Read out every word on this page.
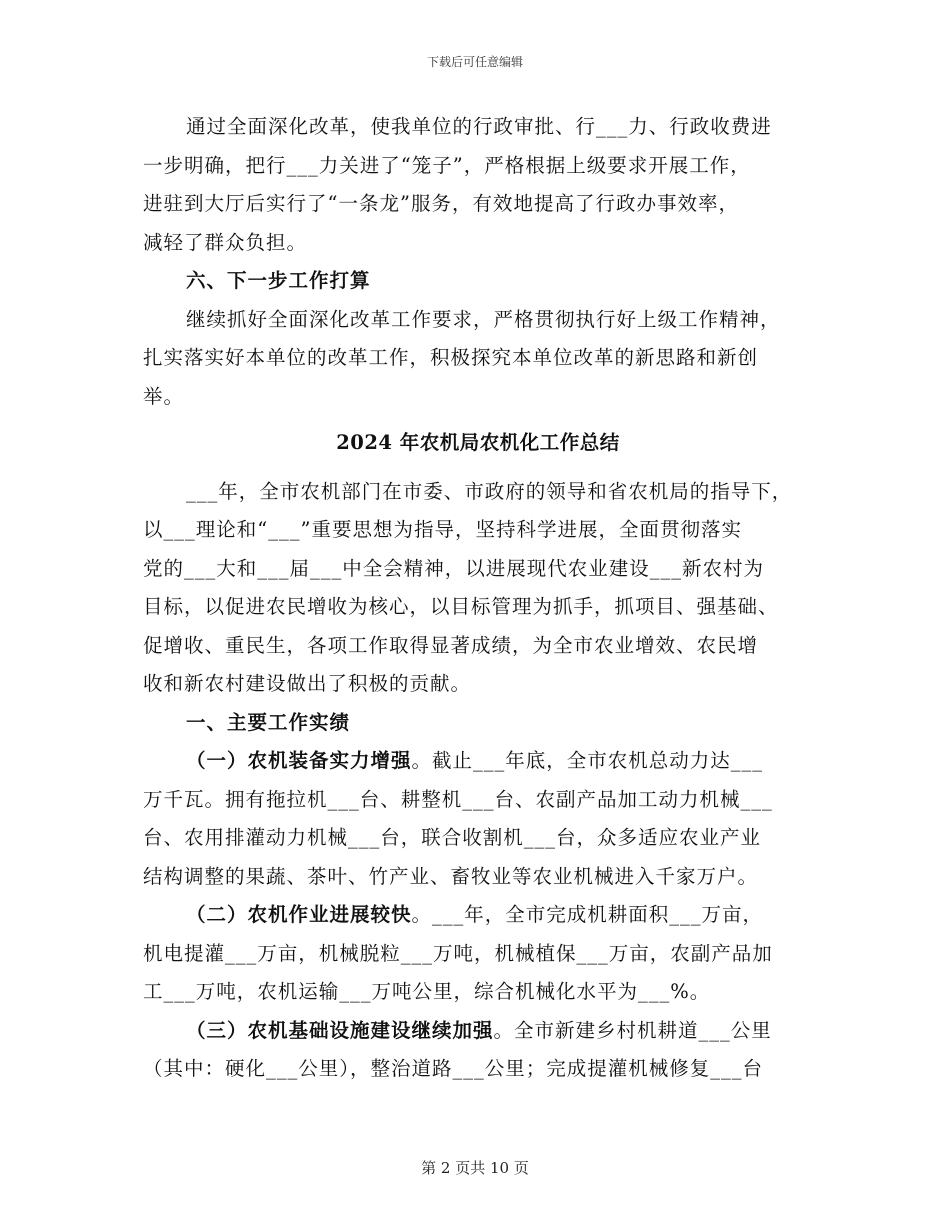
下载后可任意编辑
通过全面深化改革，使我单位的行政审批、行___力、行政收费进
一步明确，把行___力关进了“笼子”，严格根据上级要求开展工作，
进驻到大厅后实行了“一条龙”服务，有效地提高了行政办事效率，
减轻了群众负担。
六、下一步工作打算
继续抓好全面深化改革工作要求，严格贯彻执行好上级工作精神，
扎实落实好本单位的改革工作，积极探究本单位改革的新思路和新创
举。
2024 年农机局农机化工作总结
___年，全市农机部门在市委、市政府的领导和省农机局的指导下，
以___理论和“___”重要思想为指导，坚持科学进展，全面贯彻落实
党的___大和___届___中全会精神，以进展现代农业建设___新农村为
目标，以促进农民增收为核心，以目标管理为抓手，抓项目、强基础、
促增收、重民生，各项工作取得显著成绩，为全市农业增效、农民增
收和新农村建设做出了积极的贡献。
一、主要工作实绩
（一）农机装备实力增强。截止___年底，全市农机总动力达___
万千瓦。拥有拖拉机___台、耕整机___台、农副产品加工动力机械___
台、农用排灌动力机械___台，联合收割机___台，众多适应农业产业
结构调整的果蔬、茶叶、竹产业、畜牧业等农业机械进入千家万户。
（二）农机作业进展较快。___年，全市完成机耕面积___万亩，
机电提灌___万亩，机械脱粒___万吨，机械植保___万亩，农副产品加
工___万吨，农机运输___万吨公里，综合机械化水平为___%。
（三）农机基础设施建设继续加强。全市新建乡村机耕道___公里
（其中：硬化___公里），整治道路___公里；完成提灌机械修复___台
第 2 页共 10 页
